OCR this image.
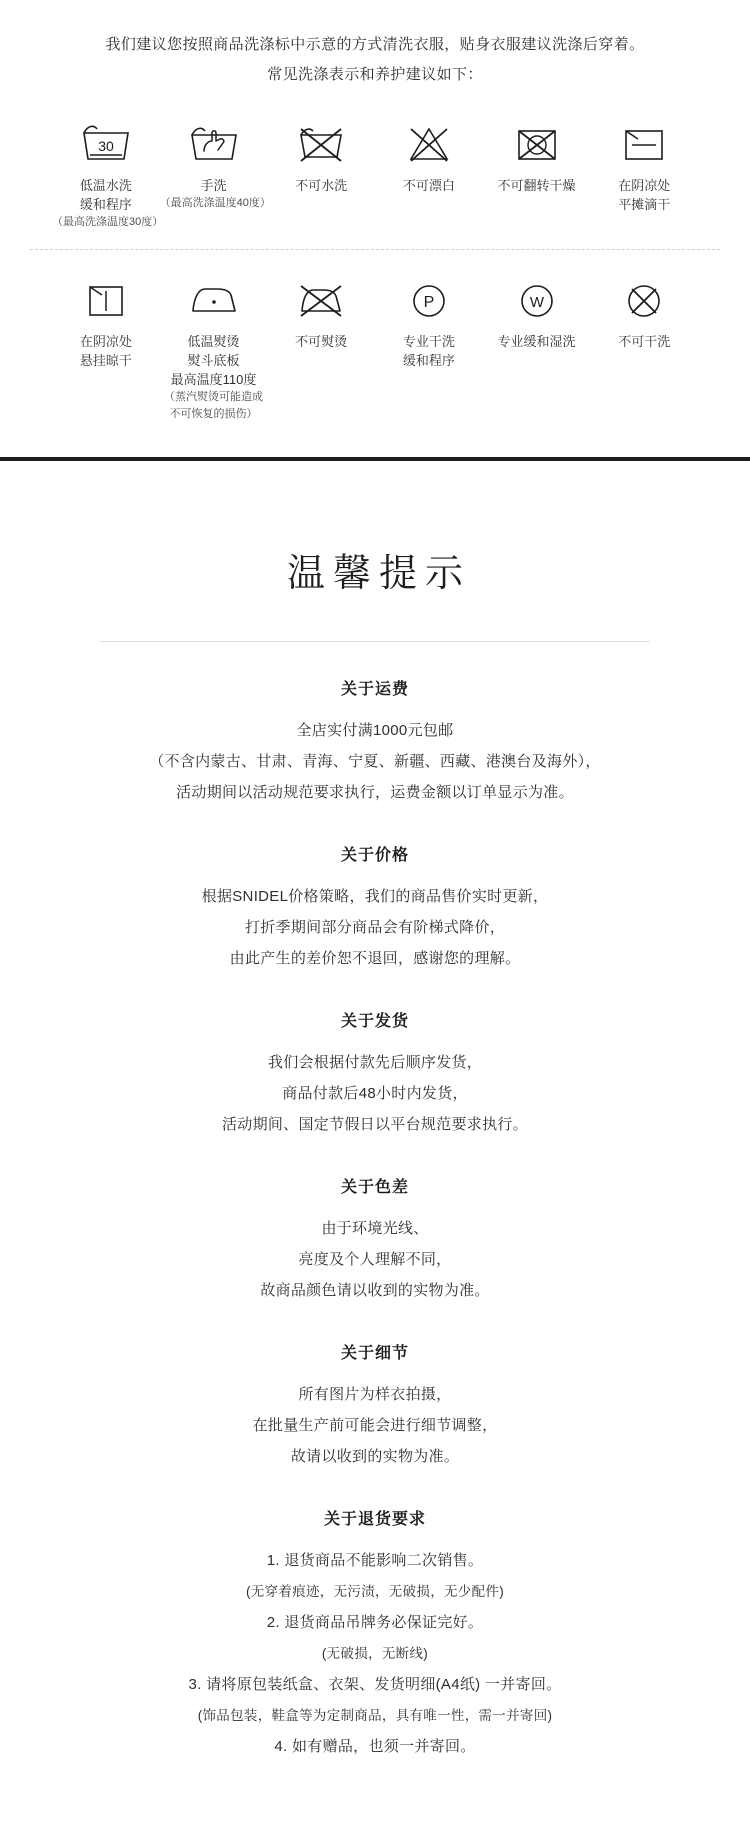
我们建议您按照商品洗涤标中示意的方式清洗衣服，贴身衣服建议洗涤后穿着。
常见洗涤表示和养护建议如下：
30
低温水洗
缓和程序
（最高洗涤温度30度）
手洗
（最高洗涤温度40度）
不可水洗	不可漂白	不可翻转干燥	在阴凉处
平摊滴干
在阴凉处
悬挂晾干
低温熨烫
熨斗底板
最高温度110度
（蒸汽熨烫可能造成
不可恢复的损伤）
不可熨烫
P
专业干洗
缓和程序
W
专业缓和湿洗	不可干洗
温馨提示
关于运费
全店实付满1000元包邮
（不含内蒙古、甘肃、青海、宁夏、新疆、西藏、港澳台及海外），
活动期间以活动规范要求执行，运费金额以订单显示为准。
关于价格
根据SNIDEL价格策略，我们的商品售价实时更新，
打折季期间部分商品会有阶梯式降价，
由此产生的差价恕不退回，感谢您的理解。
关于发货
我们会根据付款先后顺序发货，
商品付款后48小时内发货，
活动期间、国定节假日以平台规范要求执行。
关于色差
由于环境光线、
亮度及个人理解不同，
故商品颜色请以收到的实物为准。
关于细节
所有图片为样衣拍摄，
在批量生产前可能会进行细节调整，
故请以收到的实物为准。
关于退货要求
1. 退货商品不能影响二次销售。
(无穿着痕迹，无污渍，无破损，无少配件)
2. 退货商品吊牌务必保证完好。
(无破损，无断线)
3. 请将原包装纸盒、衣架、发货明细(A4纸) 一并寄回。
(饰品包装，鞋盒等为定制商品，具有唯一性，需一并寄回)
4. 如有赠品，也须一并寄回。
